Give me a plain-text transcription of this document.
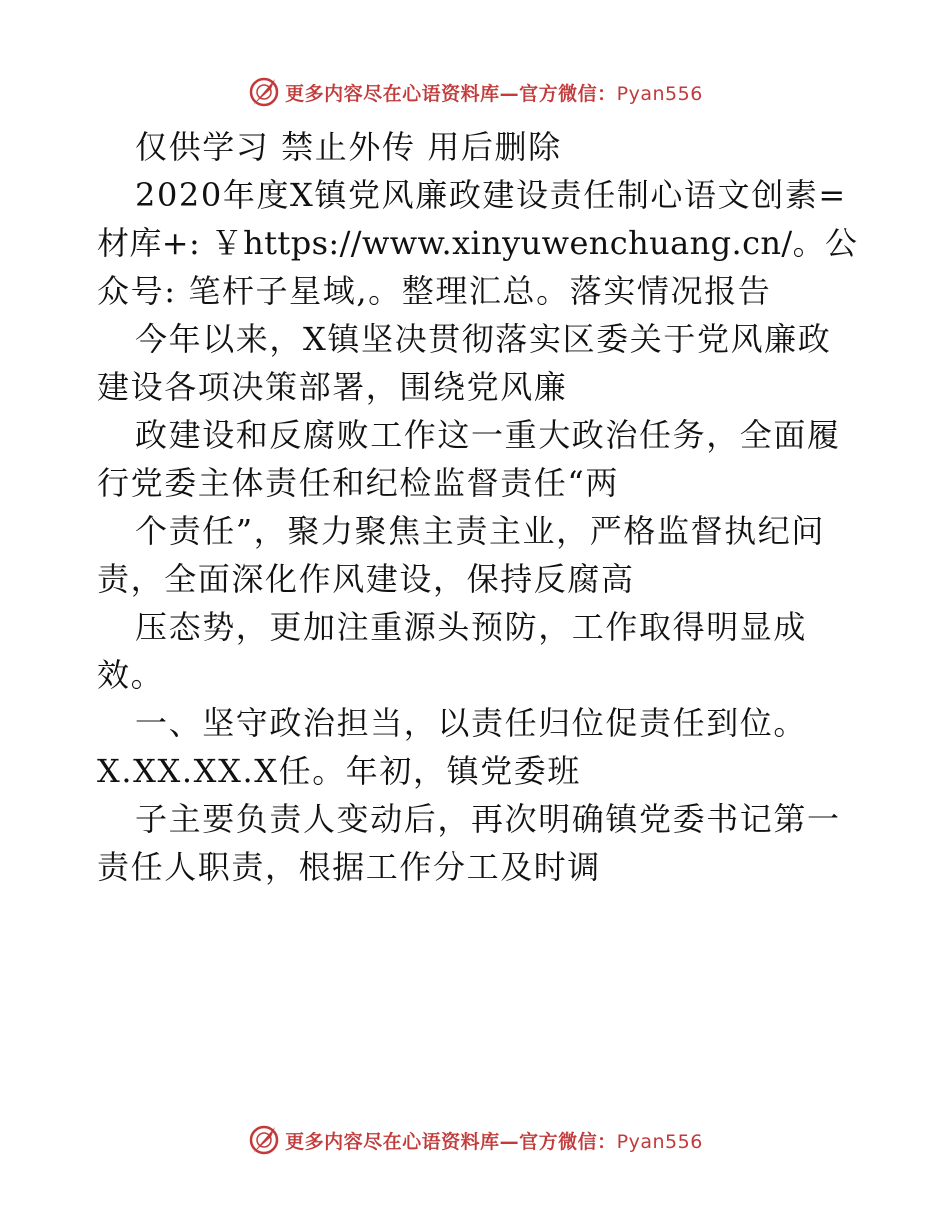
更多内容尽在心语资料库—官方微信：Pyan556
仅供学习 禁止外传 用后删除
2020年度X镇党风廉政建设责任制心语文创素=
材库+: ￥https://www.xinyuwenchuang.cn/。公
众号: 笔杆子星域,。整理汇总。落实情况报告
今年以来，X镇坚决贯彻落实区委关于党风廉政
建设各项决策部署，围绕党风廉
政建设和反腐败工作这一重大政治任务，全面履
行党委主体责任和纪检监督责任“两
个责任”，聚力聚焦主责主业，严格监督执纪问
责，全面深化作风建设，保持反腐高
压态势，更加注重源头预防，工作取得明显成
效。
一、坚守政治担当，以责任归位促责任到位。
X.XX.XX.X任。年初，镇党委班
子主要负责人变动后，再次明确镇党委书记第一
责任人职责，根据工作分工及时调
更多内容尽在心语资料库—官方微信：Pyan556
